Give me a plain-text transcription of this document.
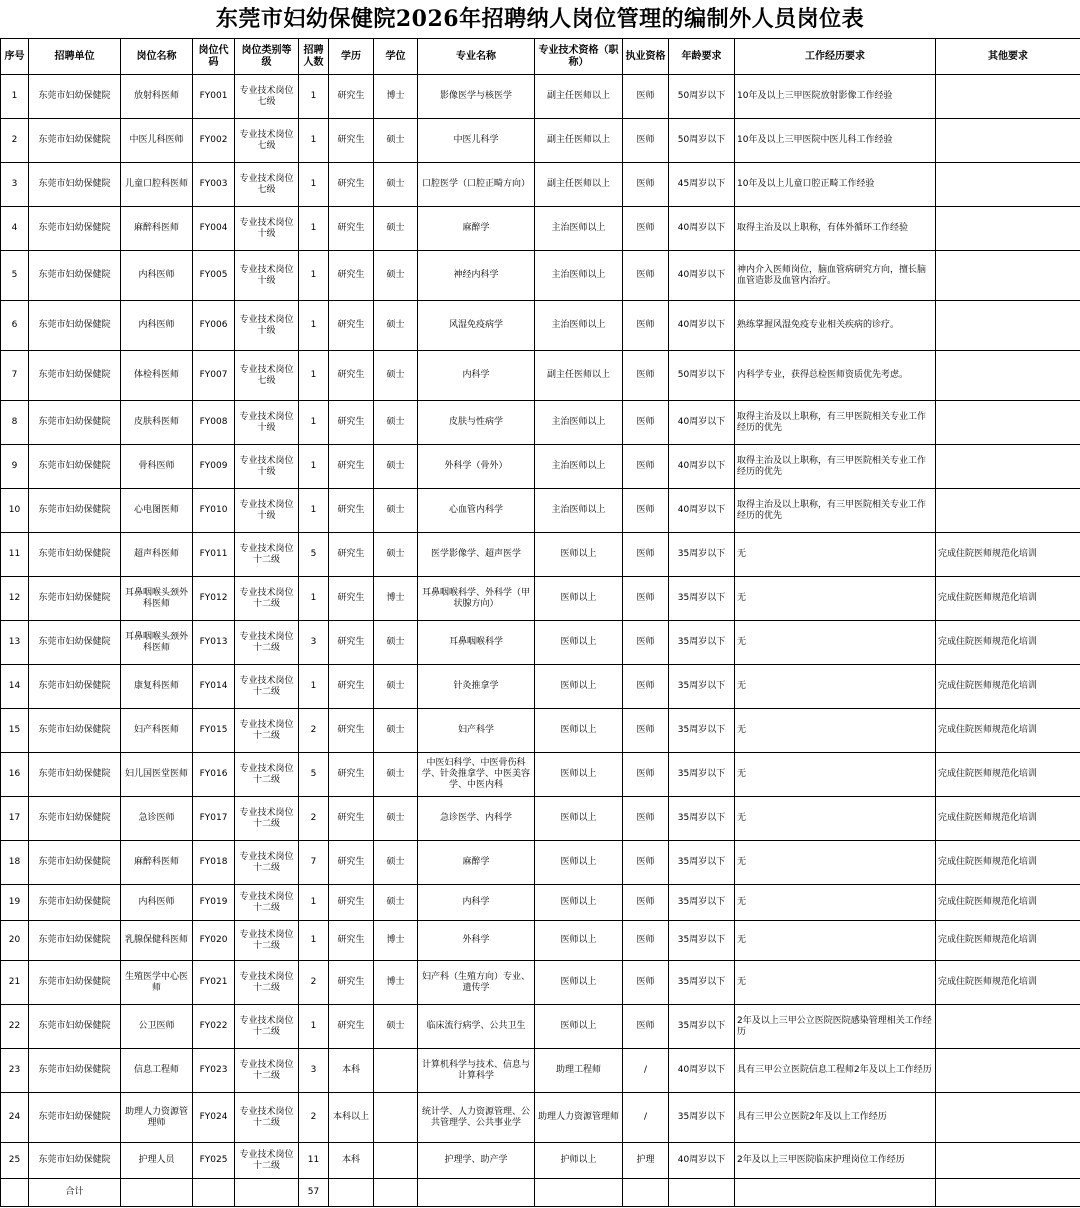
东莞市妇幼保健院2026年招聘纳人岗位管理的编制外人员岗位表
序号	招聘单位	岗位名称	岗位代码	岗位类别等级	招聘人数	学历	学位	专业名称	专业技术资格（职称）	执业资格	年龄要求	工作经历要求	其他要求
1	东莞市妇幼保健院	放射科医师	FY001	专业技术岗位七级	1	研究生	博士	影像医学与核医学	副主任医师以上	医师	50周岁以下	10年及以上三甲医院放射影像工作经验	
2	东莞市妇幼保健院	中医儿科医师	FY002	专业技术岗位七级	1	研究生	硕士	中医儿科学	副主任医师以上	医师	50周岁以下	10年及以上三甲医院中医儿科工作经验	
3	东莞市妇幼保健院	儿童口腔科医师	FY003	专业技术岗位七级	1	研究生	硕士	口腔医学（口腔正畸方向）	副主任医师以上	医师	45周岁以下	10年及以上儿童口腔正畸工作经验	
4	东莞市妇幼保健院	麻醉科医师	FY004	专业技术岗位十级	1	研究生	硕士	麻醉学	主治医师以上	医师	40周岁以下	取得主治及以上职称，有体外循环工作经验	
5	东莞市妇幼保健院	内科医师	FY005	专业技术岗位十级	1	研究生	硕士	神经内科学	主治医师以上	医师	40周岁以下	神内介入医师岗位，脑血管病研究方向，擅长脑血管造影及血管内治疗。	
6	东莞市妇幼保健院	内科医师	FY006	专业技术岗位十级	1	研究生	硕士	风湿免疫病学	主治医师以上	医师	40周岁以下	熟练掌握风湿免疫专业相关疾病的诊疗。	
7	东莞市妇幼保健院	体检科医师	FY007	专业技术岗位七级	1	研究生	硕士	内科学	副主任医师以上	医师	50周岁以下	内科学专业，获得总检医师资质优先考虑。	
8	东莞市妇幼保健院	皮肤科医师	FY008	专业技术岗位十级	1	研究生	硕士	皮肤与性病学	主治医师以上	医师	40周岁以下	取得主治及以上职称，有三甲医院相关专业工作经历的优先	
9	东莞市妇幼保健院	骨科医师	FY009	专业技术岗位十级	1	研究生	硕士	外科学（骨外）	主治医师以上	医师	40周岁以下	取得主治及以上职称，有三甲医院相关专业工作经历的优先	
10	东莞市妇幼保健院	心电图医师	FY010	专业技术岗位十级	1	研究生	硕士	心血管内科学	主治医师以上	医师	40周岁以下	取得主治及以上职称，有三甲医院相关专业工作经历的优先	
11	东莞市妇幼保健院	超声科医师	FY011	专业技术岗位十二级	5	研究生	硕士	医学影像学、超声医学	医师以上	医师	35周岁以下	无	完成住院医师规范化培训
12	东莞市妇幼保健院	耳鼻咽喉头颈外科医师	FY012	专业技术岗位十二级	1	研究生	博士	耳鼻咽喉科学、外科学（甲状腺方向）	医师以上	医师	35周岁以下	无	完成住院医师规范化培训
13	东莞市妇幼保健院	耳鼻咽喉头颈外科医师	FY013	专业技术岗位十二级	3	研究生	硕士	耳鼻咽喉科学	医师以上	医师	35周岁以下	无	完成住院医师规范化培训
14	东莞市妇幼保健院	康复科医师	FY014	专业技术岗位十二级	1	研究生	硕士	针灸推拿学	医师以上	医师	35周岁以下	无	完成住院医师规范化培训
15	东莞市妇幼保健院	妇产科医师	FY015	专业技术岗位十二级	2	研究生	硕士	妇产科学	医师以上	医师	35周岁以下	无	完成住院医师规范化培训
16	东莞市妇幼保健院	妇儿国医堂医师	FY016	专业技术岗位十二级	5	研究生	硕士	中医妇科学、中医骨伤科学、针灸推拿学、中医美容学、中医内科	医师以上	医师	35周岁以下	无	完成住院医师规范化培训
17	东莞市妇幼保健院	急诊医师	FY017	专业技术岗位十二级	2	研究生	硕士	急诊医学、内科学	医师以上	医师	35周岁以下	无	完成住院医师规范化培训
18	东莞市妇幼保健院	麻醉科医师	FY018	专业技术岗位十二级	7	研究生	硕士	麻醉学	医师以上	医师	35周岁以下	无	完成住院医师规范化培训
19	东莞市妇幼保健院	内科医师	FY019	专业技术岗位十二级	1	研究生	硕士	内科学	医师以上	医师	35周岁以下	无	完成住院医师规范化培训
20	东莞市妇幼保健院	乳腺保健科医师	FY020	专业技术岗位十二级	1	研究生	博士	外科学	医师以上	医师	35周岁以下	无	完成住院医师规范化培训
21	东莞市妇幼保健院	生殖医学中心医师	FY021	专业技术岗位十二级	2	研究生	博士	妇产科（生殖方向）专业、遗传学	医师以上	医师	35周岁以下	无	完成住院医师规范化培训
22	东莞市妇幼保健院	公卫医师	FY022	专业技术岗位十二级	1	研究生	硕士	临床流行病学、公共卫生	医师以上	医师	35周岁以下	2年及以上三甲公立医院医院感染管理相关工作经历	
23	东莞市妇幼保健院	信息工程师	FY023	专业技术岗位十二级	3	本科		计算机科学与技术、信息与计算科学	助理工程师	/	40周岁以下	具有三甲公立医院信息工程师2年及以上工作经历	
24	东莞市妇幼保健院	助理人力资源管理师	FY024	专业技术岗位十二级	2	本科以上		统计学、人力资源管理、公共管理学、公共事业学	助理人力资源管理师	/	35周岁以下	具有三甲公立医院2年及以上工作经历	
25	东莞市妇幼保健院	护理人员	FY025	专业技术岗位十二级	11	本科		护理学、助产学	护师以上	护理	40周岁以下	2年及以上三甲医院临床护理岗位工作经历	
	合计				57								
